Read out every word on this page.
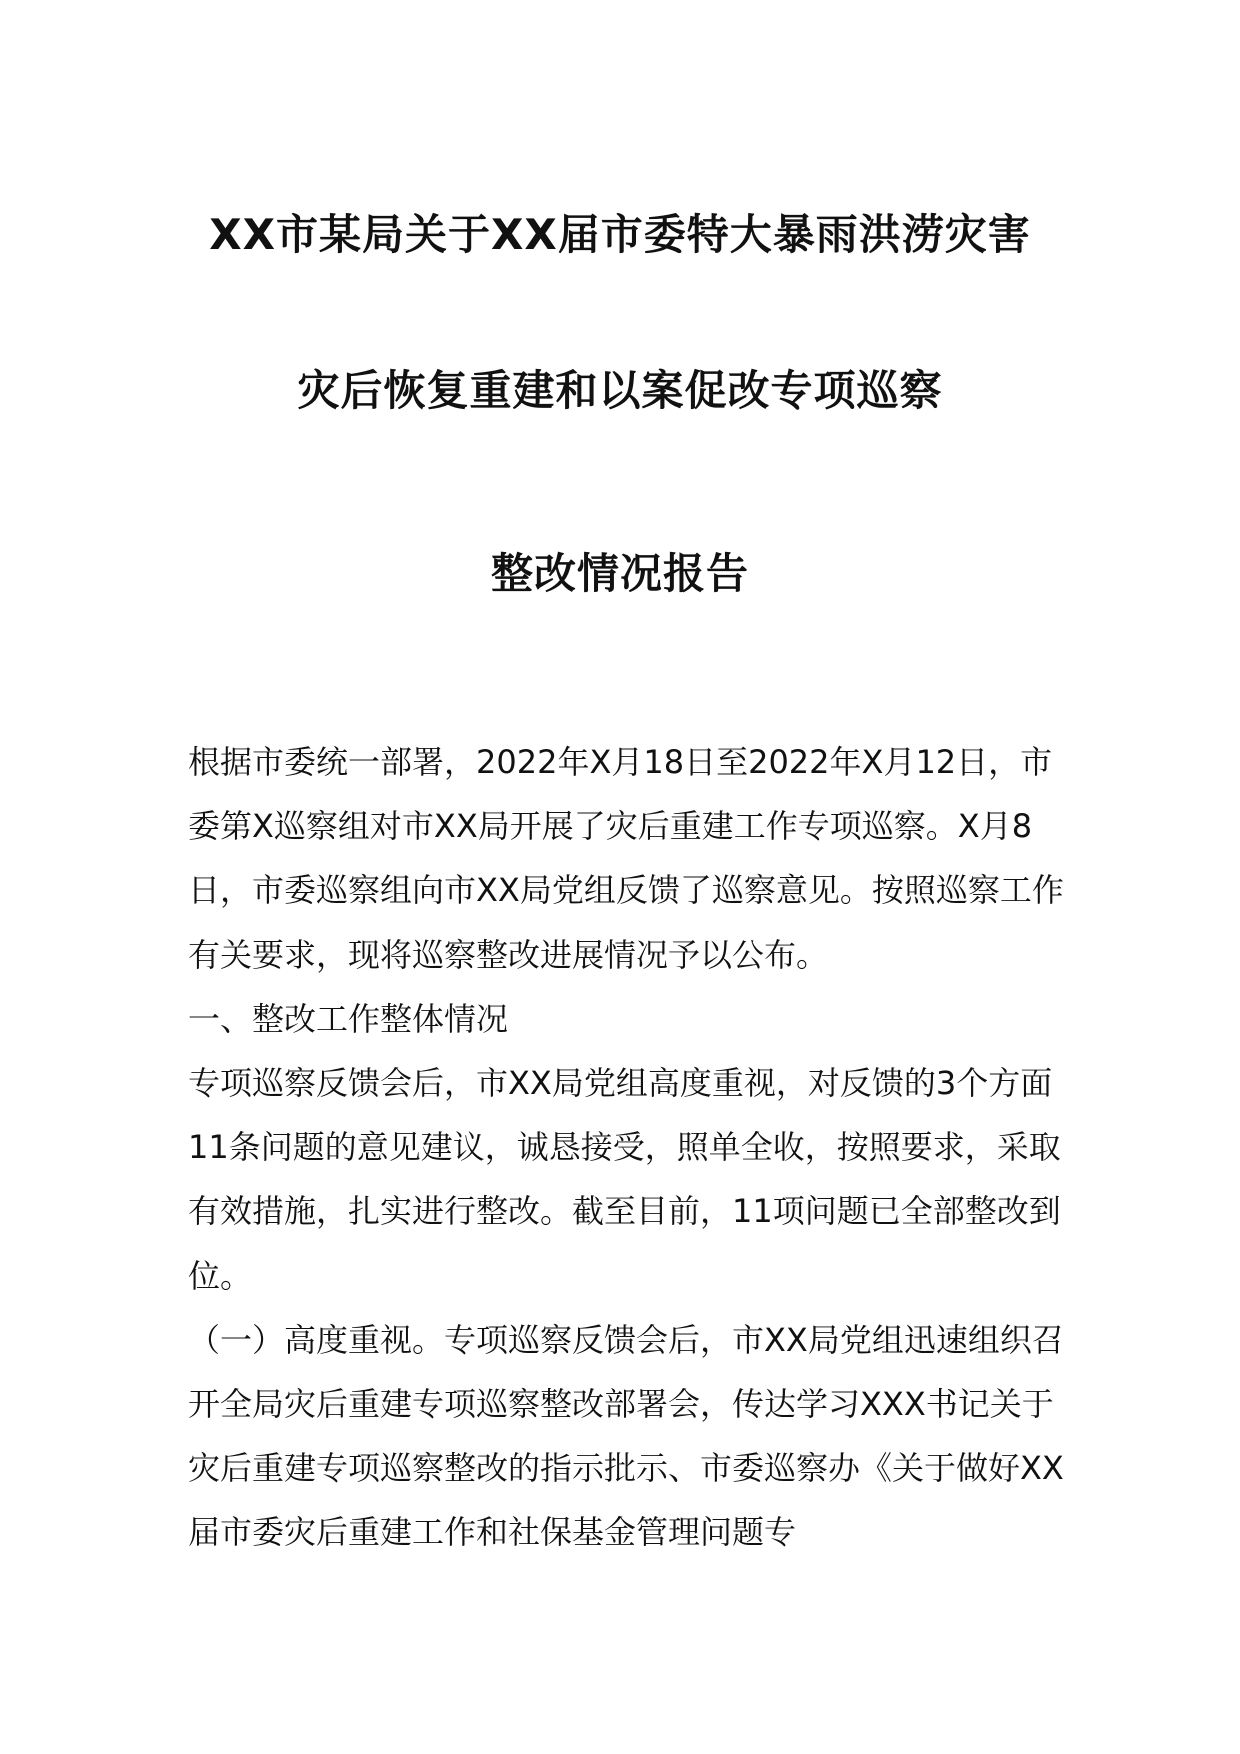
XX市某局关于XX届市委特大暴雨洪涝灾害
灾后恢复重建和以案促改专项巡察
整改情况报告

根据市委统一部署，2022年X月18日至2022年X月12日，市委第X巡察组对市XX局开展了灾后重建工作专项巡察。X月8日，市委巡察组向市XX局党组反馈了巡察意见。按照巡察工作有关要求，现将巡察整改进展情况予以公布。

一、整改工作整体情况

专项巡察反馈会后，市XX局党组高度重视，对反馈的3个方面11条问题的意见建议，诚恳接受，照单全收，按照要求，采取有效措施，扎实进行整改。截至目前，11项问题已全部整改到位。

（一）高度重视。专项巡察反馈会后，市XX局党组迅速组织召开全局灾后重建专项巡察整改部署会，传达学习XXX书记关于灾后重建专项巡察整改的指示批示、市委巡察办《关于做好XX届市委灾后重建工作和社保基金管理问题专
